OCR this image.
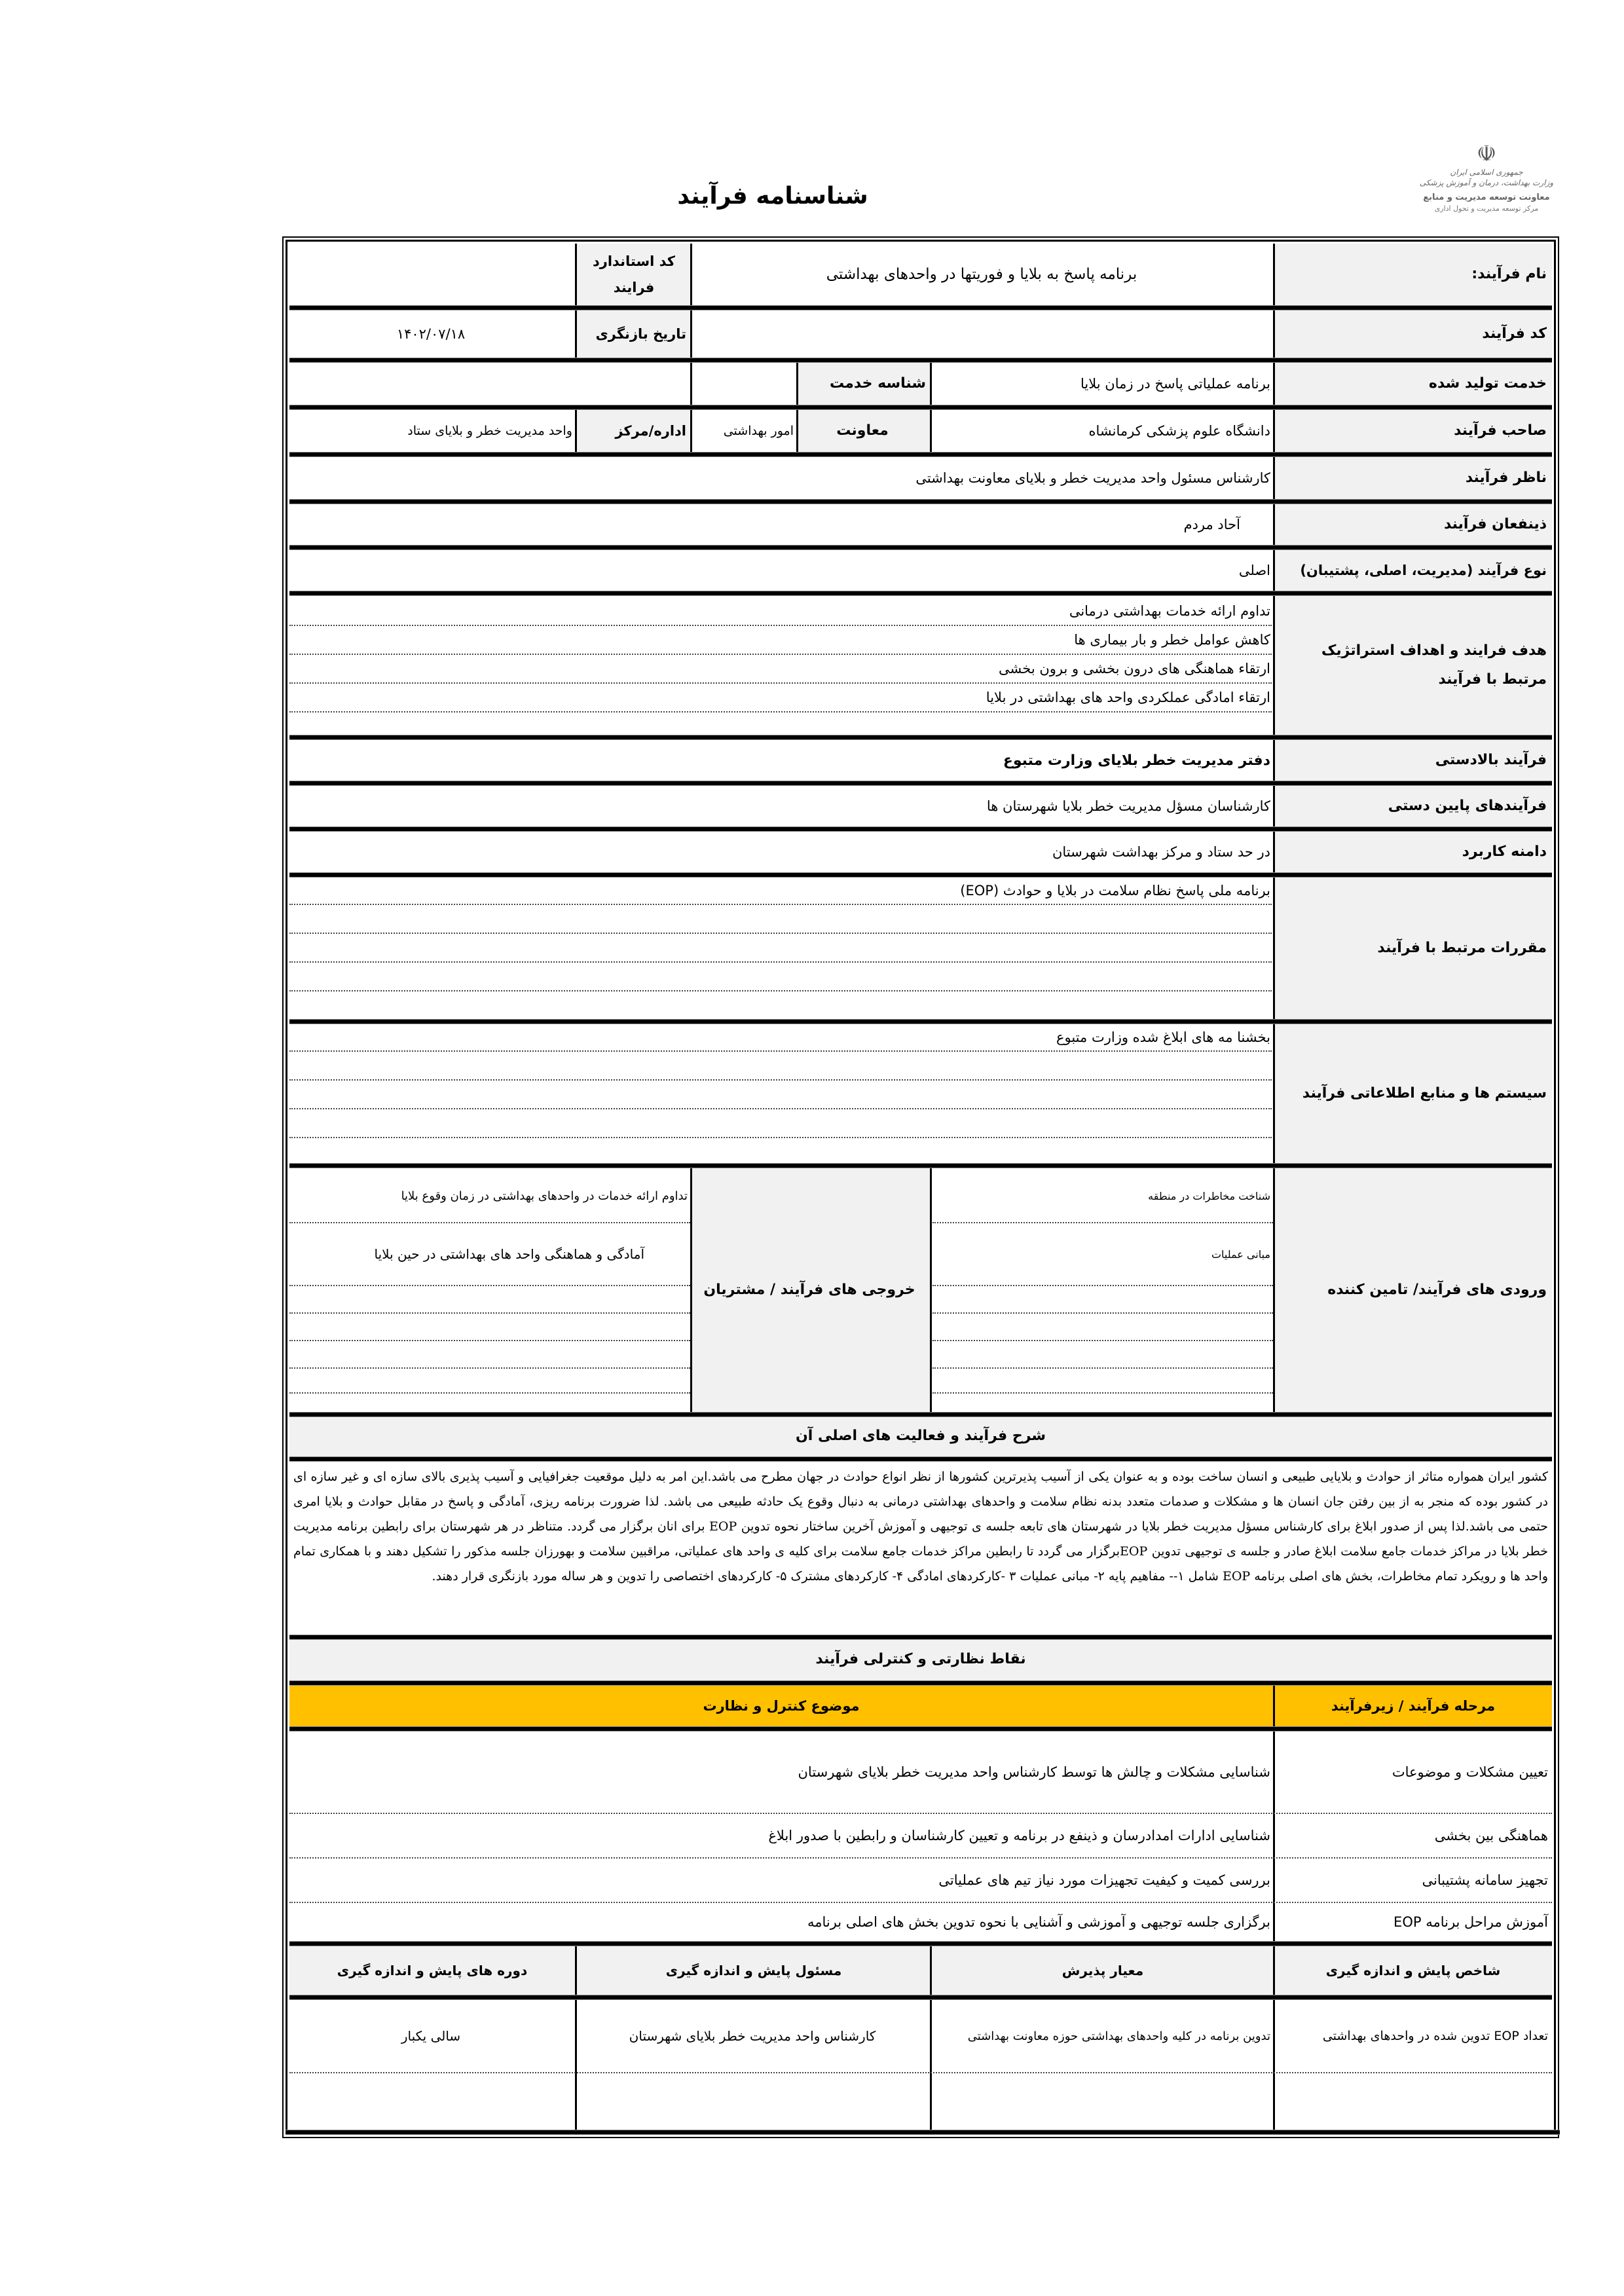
شناسنامه فرآیند
☫
جمهوری اسلامی ایران
وزارت بهداشت، درمان و آموزش پزشکی
معاونت توسعه مدیریت و منابع
مرکز توسعه مدیریت و تحول اداری
نام فرآیند:
برنامه پاسخ به بلایا و فوریتها در واحدهای بهداشتی
کد استاندارد فرایند
کد فرآیند
تاریخ بازنگری
۱۴۰۲/۰۷/۱۸
خدمت تولید شده
برنامه عملیاتی پاسخ در زمان بلایا
شناسه خدمت
صاحب فرآیند
دانشگاه علوم پزشکی کرمانشاه
معاونت
امور بهداشتی
اداره/مرکز
واحد مدیریت خطر و بلایای ستاد
ناظر فرآیند
کارشناس مسئول واحد مدیریت خطر و بلایای معاونت بهداشتی
ذینفعان فرآیند
آحاد مردم
نوع فرآیند (مدیریت، اصلی، پشتیبان)
اصلی
هدف فرایند و اهداف استراتژیک مرتبط با فرآیند
تداوم ارائه خدمات بهداشتی درمانی
کاهش عوامل خطر و بار بیماری ها
ارتقاء هماهنگی های درون بخشی و برون بخشی
ارتقاء امادگی عملکردی واحد های بهداشتی در بلایا
فرآیند بالادستی
دفتر مدیریت خطر بلایای وزارت متبوع
فرآیندهای پایین دستی
کارشناسان مسؤل مدیریت خطر بلایا شهرستان ها
دامنه کاربرد
در حد ستاد و مرکز بهداشت شهرستان
مقررات مرتبط با فرآیند
برنامه ملی پاسخ نظام سلامت در بلایا و حوادث (EOP)
سیستم ها و منابع اطلاعاتی فرآیند
بخشنا مه های ابلاغ شده وزارت متبوع
ورودی های فرآیند/ تامین کننده
شناخت مخاطرات در منطقه
مبانی عملیات
خروجی های فرآیند / مشتریان
تداوم ارائه خدمات در واحدهای بهداشتی در زمان وقوع بلایا
آمادگی و هماهنگی واحد های بهداشتی در حین بلایا
شرح فرآیند و فعالیت های اصلی آن
کشور ایران همواره متاثر از حوادث و بلایایی طبیعی و انسان ساخت بوده و به عنوان یکی از آسیب پذیرترین کشورها از نظر انواع حوادث در جهان مطرح می باشد.این امر به دلیل موقعیت جغرافیایی و آسیب پذیری بالای سازه ای و غیر سازه ای در کشور بوده که منجر به از بین رفتن جان انسان ها و مشکلات و صدمات متعدد بدنه نظام سلامت و واحدهای بهداشتی درمانی به دنبال وقوع یک حادثه طبیعی می باشد. لذا ضرورت برنامه ریزی، آمادگی و پاسخ در مقابل حوادث و بلایا امری حتمی می باشد.لذا پس از صدور ابلاغ برای کارشناس مسؤل مدیریت خطر بلایا در شهرستان های تابعه جلسه ی توجیهی و آموزش آخرین ساختار نحوه تدوین EOP برای انان برگزار می گردد. متناظر در هر شهرستان برای رابطین برنامه مدیریت خطر بلایا در مراکز خدمات جامع سلامت ابلاغ صادر و جلسه ی توجیهی تدوین EOPبرگزار می گردد تا رابطین مراکز خدمات جامع سلامت برای کلیه ی واحد های عملیاتی، مراقبین سلامت و بهورزان جلسه مذکور را تشکیل دهند و با همکاری تمام واحد ها و رویکرد تمام مخاطرات، بخش های اصلی برنامه EOP شامل ۱-- مفاهیم پایه ۲- مبانی عملیات ۳ -کارکردهای امادگی ۴- کارکردهای مشترک ۵- کارکردهای اختصاصی را تدوین و هر ساله مورد بازنگری قرار دهند.
نقاط نظارتی و کنترلی فرآیند
مرحله فرآیند / زیرفرآیند
موضوع کنترل و نظارت
تعیین مشکلات و موضوعات
شناسایی مشکلات و چالش ها توسط کارشناس واحد مدیریت خطر بلایای شهرستان
هماهنگی بین بخشی
شناسایی ادارات امدادرسان و ذینفع در برنامه و تعیین کارشناسان و رابطین با صدور ابلاغ
تجهیز سامانه پشتیبانی
بررسی کمیت و کیفیت تجهیزات مورد نیاز تیم های عملیاتی
آموزش مراحل برنامه EOP
برگزاری جلسه توجیهی و آموزشی و آشنایی با نحوه تدوین بخش های اصلی برنامه
شاخص پایش و اندازه گیری
معیار پذیرش
مسئول پایش و اندازه گیری
دوره های پایش و اندازه گیری
تعداد EOP تدوین شده در واحدهای بهداشتی
تدوین برنامه در کلیه واحدهای بهداشتی حوزه معاونت بهداشتی
کارشناس واحد مدیریت خطر بلایای شهرستان
سالی یکبار
